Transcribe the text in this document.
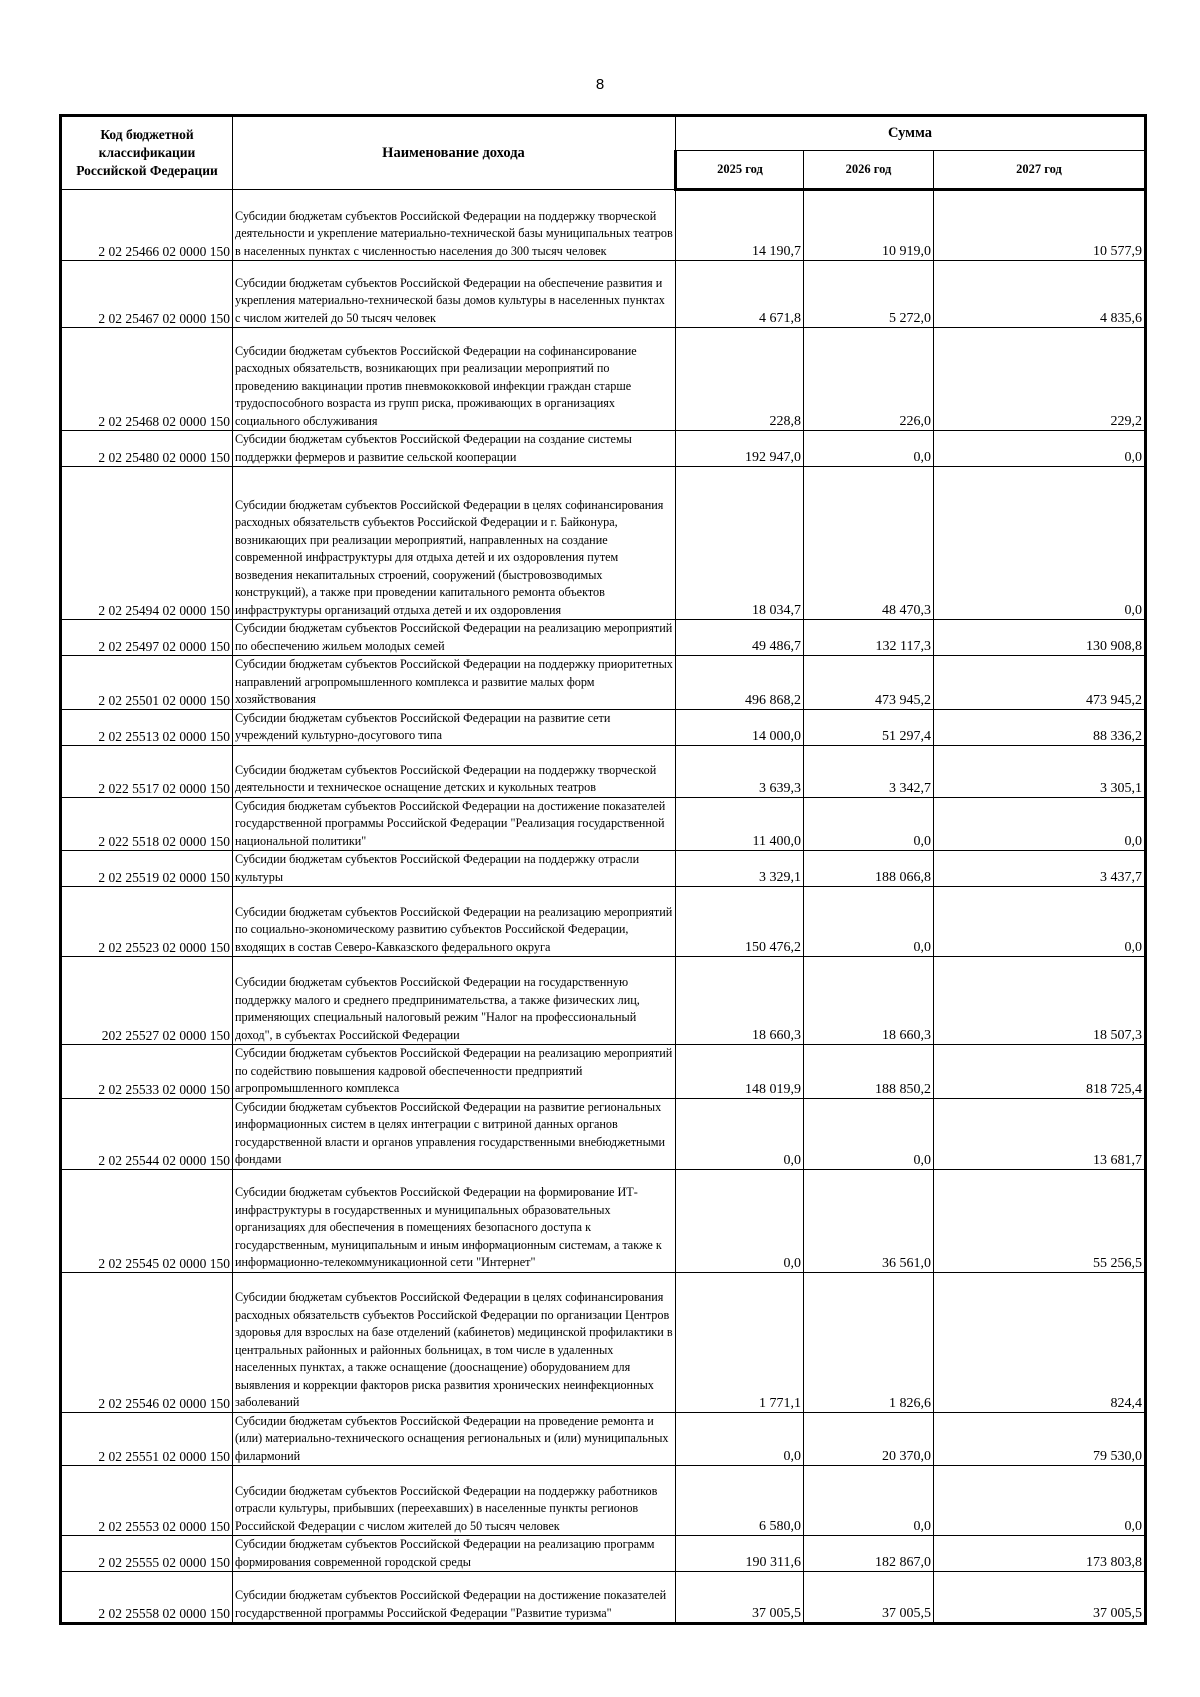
8
Код бюджетной классификации Российской Федерации	Наименование дохода	Сумма		
		2025 год	2026 год	2027 год
2 02 25466 02 0000 150	Субсидии бюджетам субъектов Российской Федерации на поддержку творческой деятельности и укрепление материально-технической базы муниципальных театров в населенных пунктах с численностью населения до 300 тысяч человек	14 190,7	10 919,0	10 577,9
2 02 25467 02 0000 150	Субсидии бюджетам субъектов Российской Федерации на обеспечение развития и укрепления материально-технической базы домов культуры в населенных пунктах с числом жителей до 50 тысяч человек	4 671,8	5 272,0	4 835,6
2 02 25468 02 0000 150	Субсидии бюджетам субъектов Российской Федерации на софинансирование расходных обязательств, возникающих при реализации мероприятий по проведению вакцинации против пневмококковой инфекции граждан старше трудоспособного возраста из групп риска, проживающих в организациях социального обслуживания	228,8	226,0	229,2
2 02 25480 02 0000 150	Субсидии бюджетам субъектов Российской Федерации на создание системы поддержки фермеров и развитие сельской кооперации	192 947,0	0,0	0,0
2 02 25494 02 0000 150	Субсидии бюджетам субъектов Российской Федерации в целях софинансирования расходных обязательств субъектов Российской Федерации и г. Байконура, возникающих при реализации мероприятий, направленных на создание современной инфраструктуры для отдыха детей и их оздоровления путем возведения некапитальных строений, сооружений (быстровозводимых конструкций), а также при проведении капитального ремонта объектов инфраструктуры организаций отдыха детей и их оздоровления	18 034,7	48 470,3	0,0
2 02 25497 02 0000 150	Субсидии бюджетам субъектов Российской Федерации на реализацию мероприятий по обеспечению жильем молодых семей	49 486,7	132 117,3	130 908,8
2 02 25501 02 0000 150	Субсидии бюджетам субъектов Российской Федерации на поддержку приоритетных направлений агропромышленного комплекса и развитие малых форм хозяйствования	496 868,2	473 945,2	473 945,2
2 02 25513 02 0000 150	Субсидии бюджетам субъектов Российской Федерации на развитие сети учреждений культурно-досугового типа	14 000,0	51 297,4	88 336,2
2 022 5517 02 0000 150	Субсидии бюджетам субъектов Российской Федерации на поддержку творческой деятельности и техническое оснащение детских и кукольных театров	3 639,3	3 342,7	3 305,1
2 022 5518 02 0000 150	Субсидия бюджетам субъектов Российской Федерации на достижение показателей государственной программы Российской Федерации "Реализация государственной национальной политики"	11 400,0	0,0	0,0
2 02 25519 02 0000 150	Субсидии бюджетам субъектов Российской Федерации на поддержку отрасли культуры	3 329,1	188 066,8	3 437,7
2 02 25523 02 0000 150	Субсидии бюджетам субъектов Российской Федерации на реализацию мероприятий по социально-экономическому развитию субъектов Российской Федерации, входящих в состав Северо-Кавказского федерального округа	150 476,2	0,0	0,0
202 25527 02 0000 150	Субсидии бюджетам субъектов Российской Федерации на государственную поддержку малого и среднего предпринимательства, а также физических лиц, применяющих специальный налоговый режим "Налог на профессиональный доход", в субъектах Российской Федерации	18 660,3	18 660,3	18 507,3
2 02 25533 02 0000 150	Субсидии бюджетам субъектов Российской Федерации на реализацию мероприятий по содействию повышения кадровой обеспеченности предприятий агропромышленного комплекса	148 019,9	188 850,2	818 725,4
2 02 25544 02 0000 150	Субсидии бюджетам субъектов Российской Федерации на развитие региональных информационных систем в целях интеграции с витриной данных органов государственной власти и органов управления государственными внебюджетными фондами	0,0	0,0	13 681,7
2 02 25545 02 0000 150	Субсидии бюджетам субъектов Российской Федерации на формирование ИТ-инфраструктуры в государственных и муниципальных образовательных организациях для обеспечения в помещениях безопасного доступа к государственным, муниципальным и иным информационным системам, а также к информационно-телекоммуникационной сети "Интернет"	0,0	36 561,0	55 256,5
2 02 25546 02 0000 150	Субсидии бюджетам субъектов Российской Федерации в целях софинансирования расходных обязательств субъектов Российской Федерации по организации Центров здоровья для взрослых на базе отделений (кабинетов) медицинской профилактики в центральных районных и районных больницах, в том числе в удаленных населенных пунктах, а также оснащение (дооснащение) оборудованием для выявления и коррекции факторов риска развития хронических неинфекционных заболеваний	1 771,1	1 826,6	824,4
2 02 25551 02 0000 150	Субсидии бюджетам субъектов Российской Федерации на проведение ремонта и (или) материально-технического оснащения региональных и (или) муниципальных филармоний	0,0	20 370,0	79 530,0
2 02 25553 02 0000 150	Субсидии бюджетам субъектов Российской Федерации на поддержку работников отрасли культуры, прибывших (переехавших) в населенные пункты регионов Российской Федерации с числом жителей до 50 тысяч человек	6 580,0	0,0	0,0
2 02 25555 02 0000 150	Субсидии бюджетам субъектов Российской Федерации на реализацию программ формирования современной городской среды	190 311,6	182 867,0	173 803,8
2 02 25558 02 0000 150	Субсидии бюджетам субъектов Российской Федерации на достижение показателей государственной программы Российской Федерации "Развитие туризма"	37 005,5	37 005,5	37 005,5
